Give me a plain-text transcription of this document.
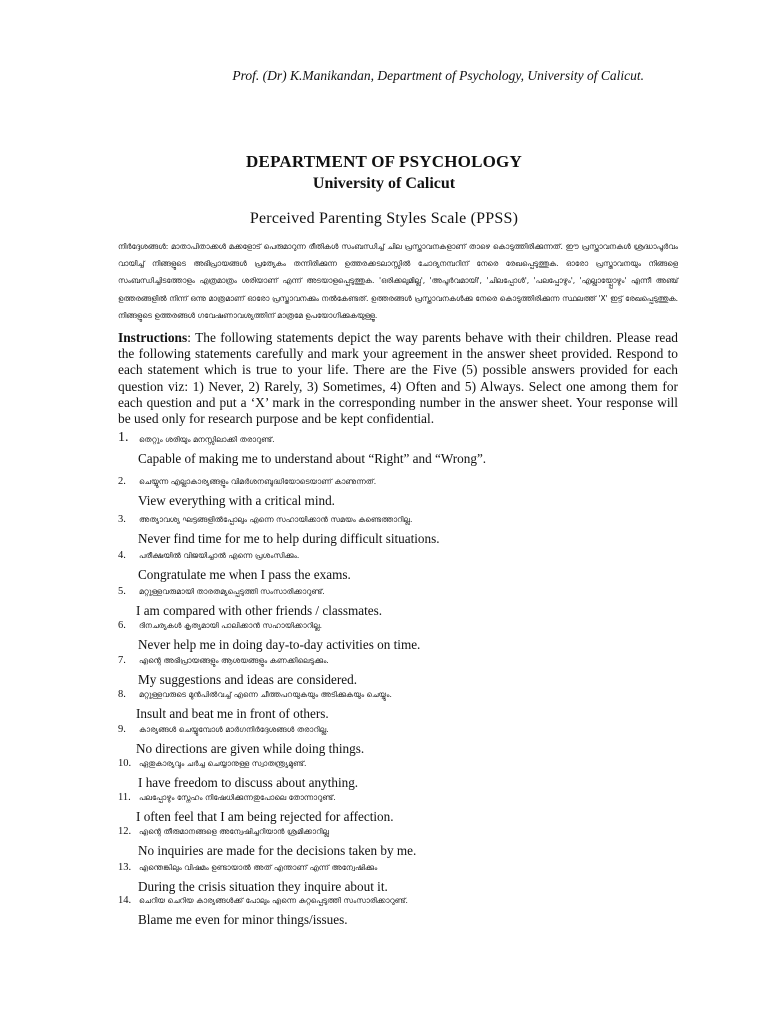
Prof. (Dr) K.Manikandan, Department of Psychology, University of Calicut.
DEPARTMENT OF PSYCHOLOGY
University of Calicut
Perceived Parenting Styles Scale (PPSS)
നിർദ്ദേശങ്ങൾ: മാതാപിതാക്കൾ മക്കളോട് പെരുമാറുന്ന രീതികൾ സംബന്ധിച്ച് ചില പ്രസ്താവനകളാണ് താഴെ കൊടുത്തിരിക്കുന്നത്. ഈ പ്രസ്താവനകൾ ശ്രദ്ധാപൂർവം വായിച്ച് നിങ്ങളുടെ അഭിപ്രായങ്ങൾ പ്രത്യേകം തന്നിരിക്കുന്ന ഉത്തരക്കടലാസ്സിൽ ചോദ്യനമ്പറിന് നേരെ രേഖപ്പെടുത്തുക. ഓരോ പ്രസ്താവനയും നിങ്ങളെ സംബന്ധിച്ചിടത്തോളം എത്രമാത്രം ശരിയാണ് എന്ന് അടയാളപ്പെടുത്തുക. 'ഒരിക്കലുമില്ല', 'അപൂർവമായി', 'ചിലപ്പോൾ', 'പലപ്പോഴും', 'എല്ലായ്പ്പോഴും' എന്നീ അഞ്ച് ഉത്തരങ്ങളിൽ നിന്ന് ഒന്നു മാത്രമാണ് ഓരോ പ്രസ്താവനക്കും നൽകേണ്ടത്. ഉത്തരങ്ങൾ പ്രസ്താവനകൾക്കു നേരെ കൊടുത്തിരിക്കുന്ന സ്ഥലത്ത് 'X' ഇട്ട് രേഖപ്പെടുത്തുക. നിങ്ങളുടെ ഉത്തരങ്ങൾ ഗവേഷണാവശ്യത്തിന് മാത്രമേ ഉപയോഗിക്കുകയുള്ളൂ.
Instructions: The following statements depict the way parents behave with their children. Please read the following statements carefully and mark your agreement in the answer sheet provided. Respond to each statement which is true to your life. There are the Five (5) possible answers provided for each question viz: 1) Never, 2) Rarely, 3) Sometimes, 4) Often and 5) Always. Select one among them for each question and put a ‘X’ mark in the corresponding number in the answer sheet. Your response will be used only for research purpose and be kept confidential.
1. തെറ്റും ശരിയും മനസ്സിലാക്കി തരാറുണ്ട്.
Capable of making me to understand about “Right” and “Wrong”.
2. ചെയ്യുന്ന എല്ലാകാര്യങ്ങളും വിമർശനബുദ്ധിയോടെയാണ് കാണുന്നത്.
View everything with a critical mind.
3. അത്യാവശ്യ ഘട്ടങ്ങളിൽപ്പോലും എന്നെ സഹായിക്കാൻ സമയം കണ്ടെത്താറില്ല.
Never find time for me to help during difficult situations.
4. പരീക്ഷയിൽ വിജയിച്ചാൽ എന്നെ പ്രശംസിക്കും.
Congratulate me when I pass the exams.
5. മറ്റുള്ളവരുമായി താരതമ്യപ്പെടുത്തി സംസാരിക്കാറുണ്ട്.
I am compared with other friends / classmates.
6. ദിനചര്യകൾ കൃത്യമായി പാലിക്കാൻ സഹായിക്കാറില്ല.
Never help me in doing day-to-day activities on time.
7. എന്റെ അഭിപ്രായങ്ങളും ആശയങ്ങളും കണക്കിലെടുക്കും.
My suggestions and ideas are considered.
8. മറ്റുള്ളവരുടെ മുൻപിൽവച്ച് എന്നെ ചീത്തപറയുകയും അടിക്കുകയും ചെയ്യും.
Insult and beat me in front of others.
9. കാര്യങ്ങൾ ചെയ്യുമ്പോൾ മാർഗനിർദ്ദേശങ്ങൾ തരാറില്ല.
No directions are given while doing things.
10. ഏതുകാര്യവും ചർച്ച ചെയ്യാനുള്ള സ്വാതന്ത്ര്യമുണ്ട്.
I have freedom to discuss about anything.
11. പലപ്പോഴും സ്നേഹം നിഷേധിക്കുന്നതുപോലെ തോന്നാറുണ്ട്.
I often feel that I am being rejected for affection.
12. എന്റെ തീരുമാനങ്ങളെ അന്വേഷിച്ചറിയാൻ ശ്രമിക്കാറില്ല
No inquiries are made for the decisions taken by me.
13. എന്തെങ്കിലും വിഷമം ഉണ്ടായാൽ അത് എന്താണ് എന്ന് അന്വേഷിക്കും
During the crisis situation they inquire about it.
14. ചെറിയ ചെറിയ കാര്യങ്ങൾക്ക് പോലും എന്നെ കുറ്റപ്പെടുത്തി സംസാരിക്കാറുണ്ട്.
Blame me even for minor things/issues.
